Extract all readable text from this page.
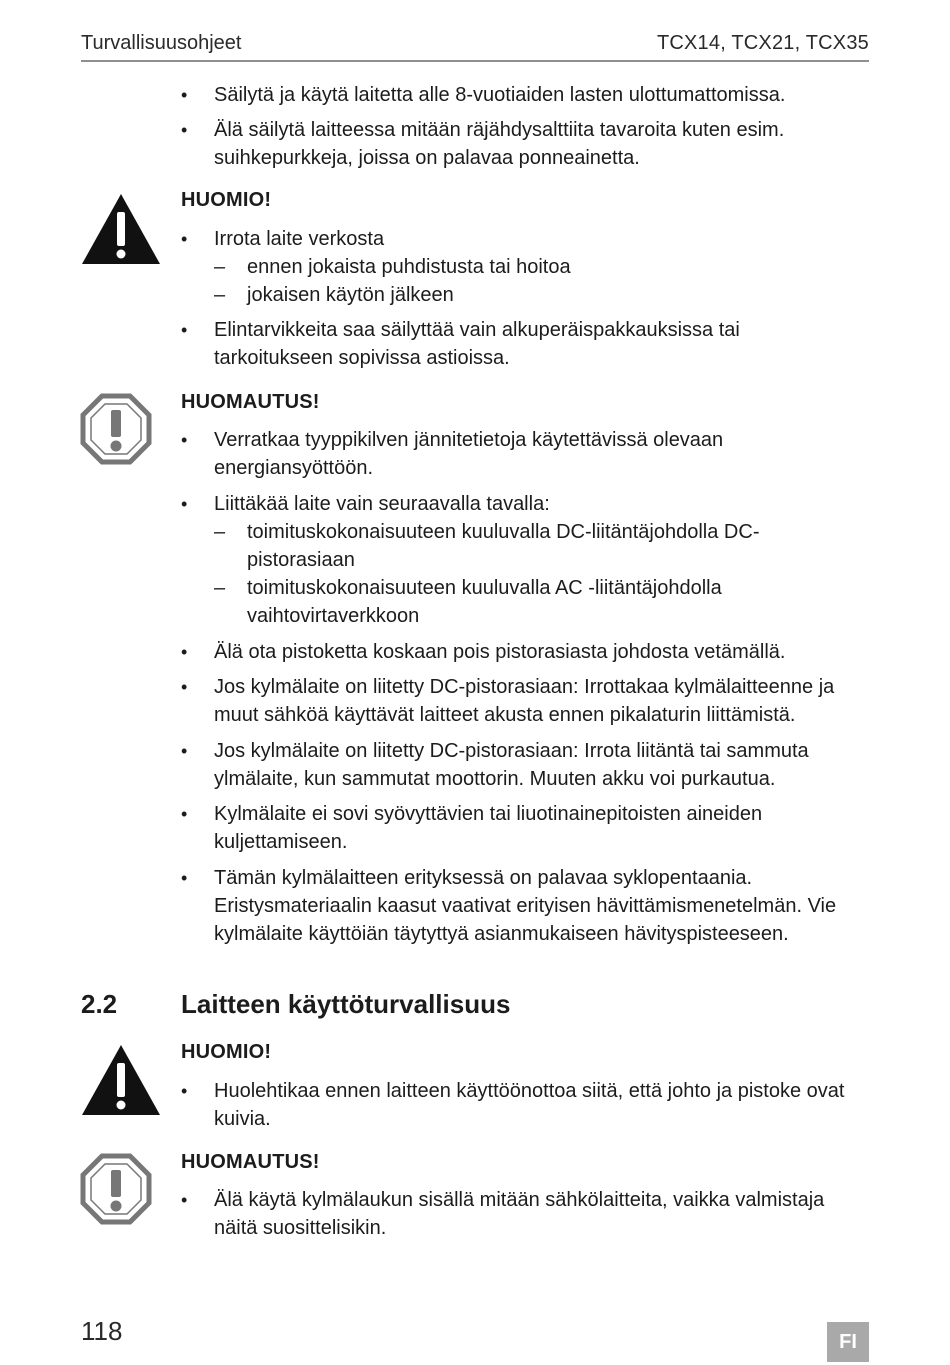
Turvallisuusohjeet	TCX14, TCX21, TCX35
• Säilytä ja käytä laitetta alle 8-vuotiaiden lasten ulottumattomissa.
• Älä säilytä laitteessa mitään räjähdysalttiita tavaroita kuten esim. suihkepurkkeja, joissa on palavaa ponneainetta.
HUOMIO!
• Irrota laite verkosta
– ennen jokaista puhdistusta tai hoitoa
– jokaisen käytön jälkeen
• Elintarvikkeita saa säilyttää vain alkuperäispakkauksissa tai tarkoitukseen sopivissa astioissa.
HUOMAUTUS!
• Verratkaa tyyppikilven jännitetietoja käytettävissä olevaan energiansyöttöön.
• Liittäkää laite vain seuraavalla tavalla:
– toimituskokonaisuuteen kuuluvalla DC-liitäntäjohdolla DC-pistorasiaan
– toimituskokonaisuuteen kuuluvalla AC -liitäntäjohdolla vaihtovirtaverkkoon
• Älä ota pistoketta koskaan pois pistorasiasta johdosta vetämällä.
• Jos kylmälaite on liitetty DC-pistorasiaan: Irrottakaa kylmälaitteenne ja muut sähköä käyttävät laitteet akusta ennen pikalaturin liittämistä.
• Jos kylmälaite on liitetty DC-pistorasiaan: Irrota liitäntä tai sammuta ylmälaite, kun sammutat moottorin. Muuten akku voi purkautua.
• Kylmälaite ei sovi syövyttävien tai liuotinainepitoisten aineiden kuljettamiseen.
• Tämän kylmälaitteen erityksessä on palavaa syklopentaania. Eristysmateriaalin kaasut vaativat erityisen hävittämismenetelmän. Vie kylmälaite käyttöiän täytyttyä asianmukaiseen hävityspisteeseen.
2.2 Laitteen käyttöturvallisuus
HUOMIO!
• Huolehtikaa ennen laitteen käyttöönottoa siitä, että johto ja pistoke ovat kuivia.
HUOMAUTUS!
• Älä käytä kylmälaukun sisällä mitään sähkölaitteita, vaikka valmistaja näitä suosittelisikin.
118	FI
